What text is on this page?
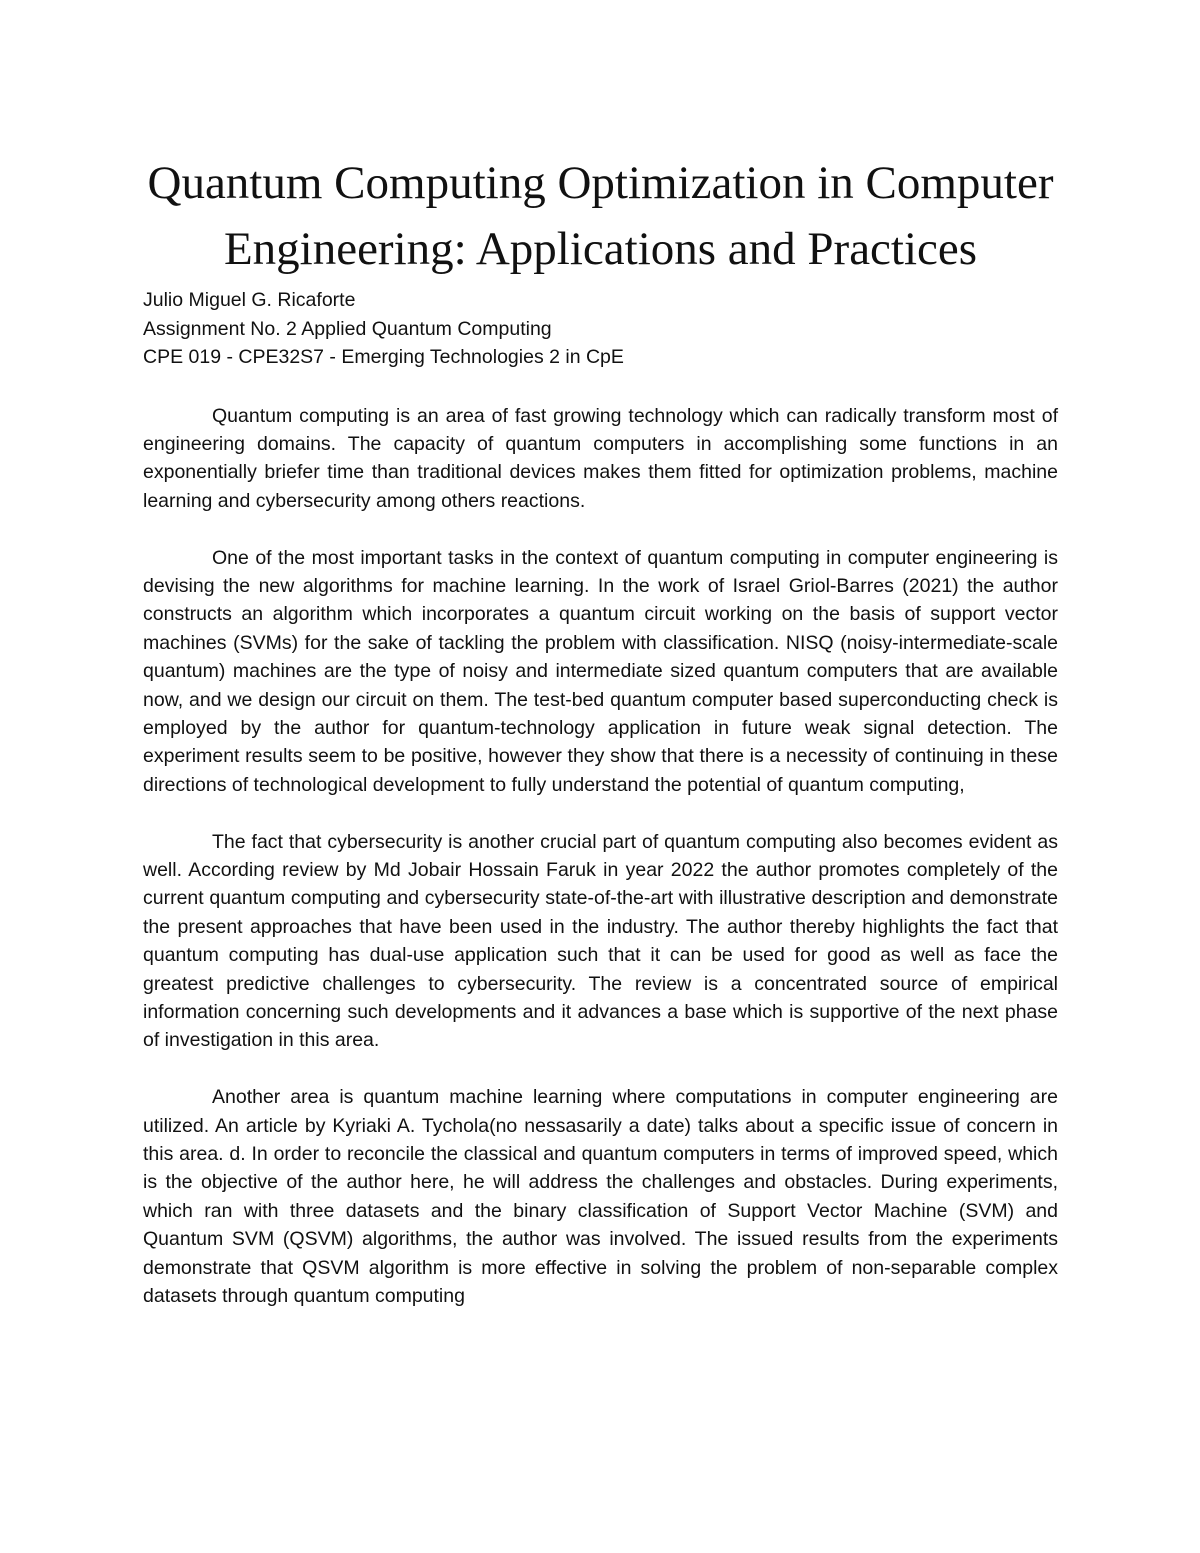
Quantum Computing Optimization in Computer Engineering: Applications and Practices
Julio Miguel G. Ricaforte
Assignment No. 2 Applied Quantum Computing
CPE 019 - CPE32S7 - Emerging Technologies 2 in CpE

Quantum computing is an area of fast growing technology which can radically transform most of engineering domains. The capacity of quantum computers in accomplishing some functions in an exponentially briefer time than traditional devices makes them fitted for optimization problems, machine learning and cybersecurity among others reactions.

One of the most important tasks in the context of quantum computing in computer engineering is devising the new algorithms for machine learning. In the work of Israel Griol-Barres (2021) the author constructs an algorithm which incorporates a quantum circuit working on the basis of support vector machines (SVMs) for the sake of tackling the problem with classification. NISQ (noisy-intermediate-scale quantum) machines are the type of noisy and intermediate sized quantum computers that are available now, and we design our circuit on them. The test-bed quantum computer based superconducting check is employed by the author for quantum-technology application in future weak signal detection. The experiment results seem to be positive, however they show that there is a necessity of continuing in these directions of technological development to fully understand the potential of quantum computing,

The fact that cybersecurity is another crucial part of quantum computing also becomes evident as well. According review by Md Jobair Hossain Faruk in year 2022 the author promotes completely of the current quantum computing and cybersecurity state-of-the-art with illustrative description and demonstrate the present approaches that have been used in the industry. The author thereby highlights the fact that quantum computing has dual-use application such that it can be used for good as well as face the greatest predictive challenges to cybersecurity. The review is a concentrated source of empirical information concerning such developments and it advances a base which is supportive of the next phase of investigation in this area.

Another area is quantum machine learning where computations in computer engineering are utilized. An article by Kyriaki A. Tychola(no nessasarily a date) talks about a specific issue of concern in this area. d. In order to reconcile the classical and quantum computers in terms of improved speed, which is the objective of the author here, he will address the challenges and obstacles. During experiments, which ran with three datasets and the binary classification of Support Vector Machine (SVM) and Quantum SVM (QSVM) algorithms, the author was involved. The issued results from the experiments demonstrate that QSVM algorithm is more effective in solving the problem of non-separable complex datasets through quantum computing
